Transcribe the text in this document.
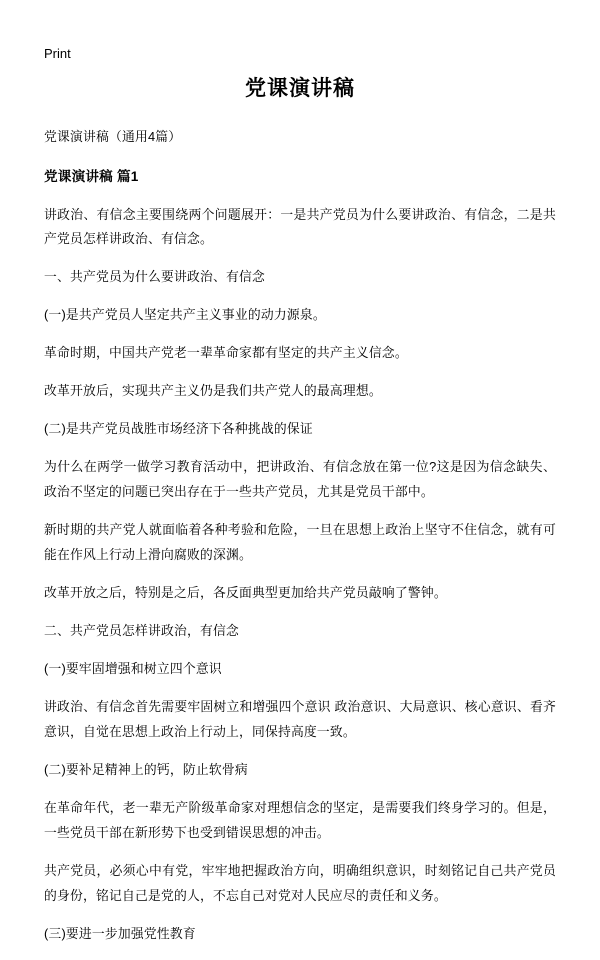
Print
党课演讲稿

党课演讲稿（通用4篇）

党课演讲稿 篇1

讲政治、有信念主要围绕两个问题展开：一是共产党员为什么要讲政治、有信念，二是共产党员怎样讲政治、有信念。

一、共产党员为什么要讲政治、有信念

(一)是共产党员人坚定共产主义事业的动力源泉。

革命时期，中国共产党老一辈革命家都有坚定的共产主义信念。

改革开放后，实现共产主义仍是我们共产党人的最高理想。

(二)是共产党员战胜市场经济下各种挑战的保证

为什么在两学一做学习教育活动中，把讲政治、有信念放在第一位?这是因为信念缺失、政治不坚定的问题已突出存在于一些共产党员，尤其是党员干部中。

新时期的共产党人就面临着各种考验和危险，一旦在思想上政治上坚守不住信念，就有可能在作风上行动上滑向腐败的深渊。

改革开放之后，特别是之后，各反面典型更加给共产党员敲响了警钟。

二、共产党员怎样讲政治，有信念

(一)要牢固增强和树立四个意识

讲政治、有信念首先需要牢固树立和增强四个意识 政治意识、大局意识、核心意识、看齐意识，自觉在思想上政治上行动上，同保持高度一致。

(二)要补足精神上的钙，防止软骨病

在革命年代，老一辈无产阶级革命家对理想信念的坚定，是需要我们终身学习的。但是，一些党员干部在新形势下也受到错误思想的冲击。

共产党员，必须心中有党，牢牢地把握政治方向，明确组织意识，时刻铭记自己共产党员的身份，铭记自己是党的人，不忘自己对党对人民应尽的责任和义务。

(三)要进一步加强党性教育
